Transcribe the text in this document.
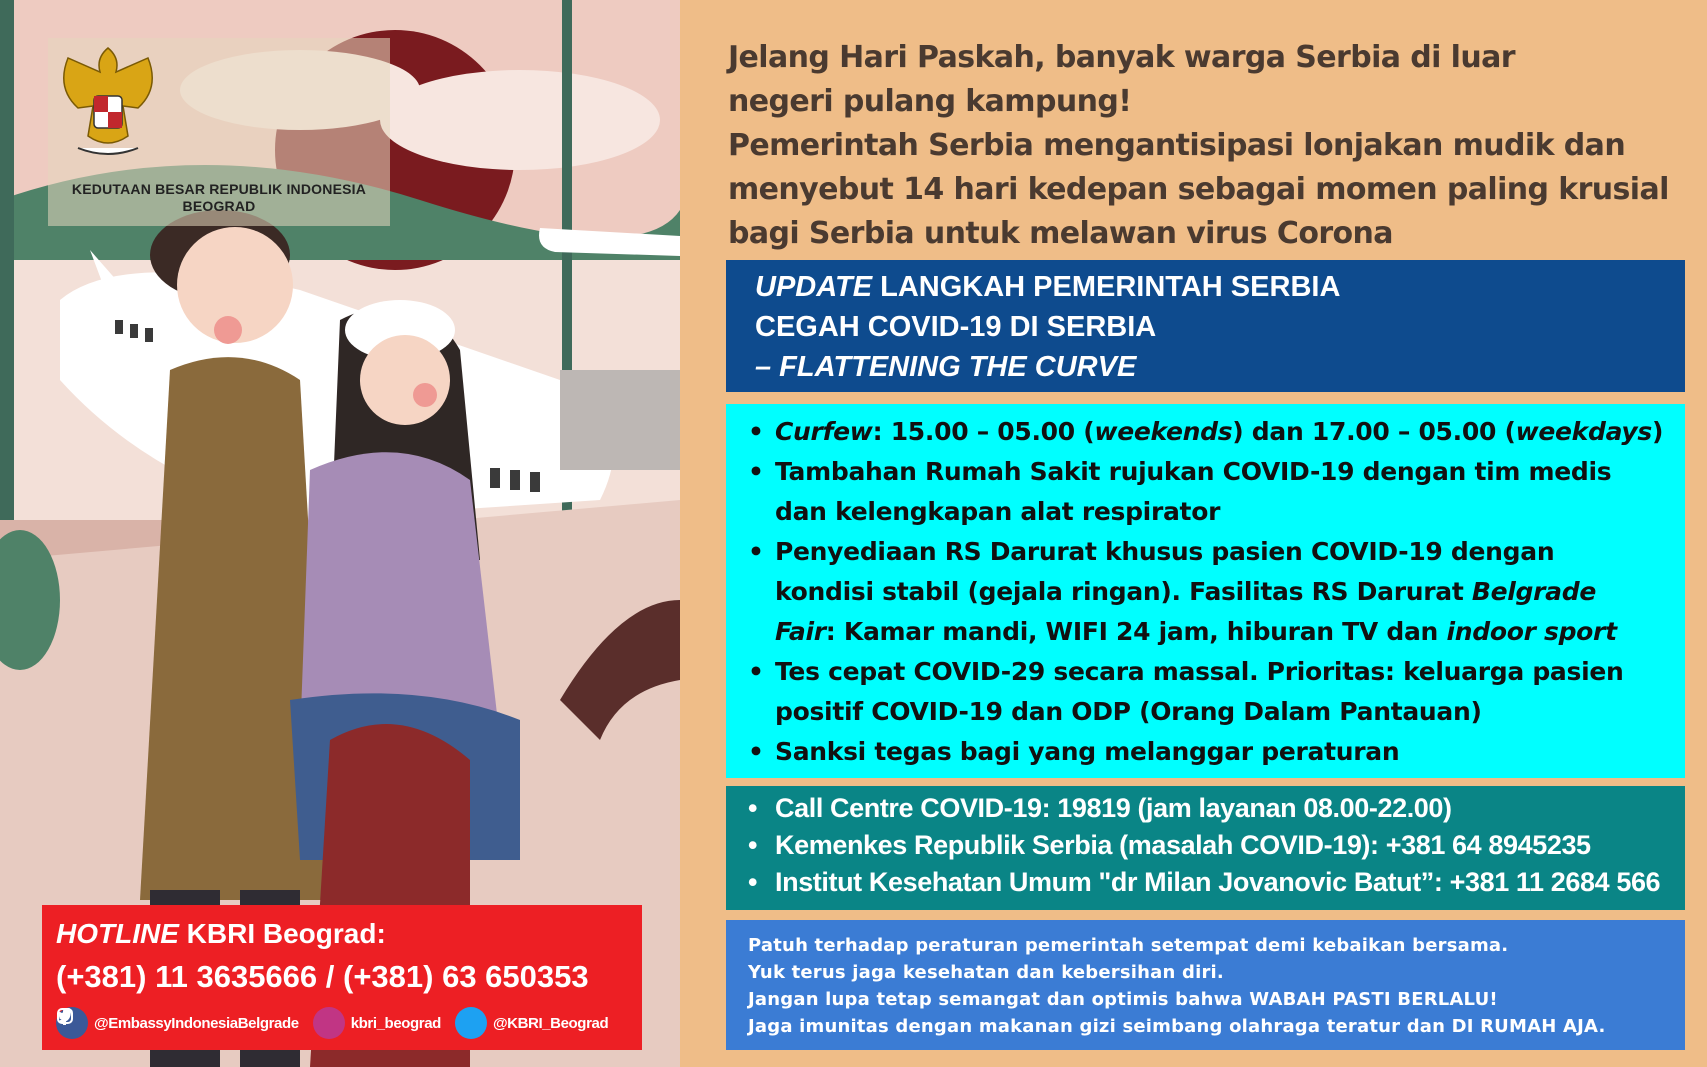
KEDUTAAN BESAR REPUBLIK INDONESIA
BEOGRAD
HOTLINE KBRI Beograd:
(+381) 11 3635666 / (+381) 63 650353
@EmbassyIndonesiaBelgrade	kbri_beograd	@KBRI_Beograd
Jelang Hari Paskah, banyak warga Serbia di luar
negeri pulang kampung!
Pemerintah Serbia mengantisipasi lonjakan mudik dan
menyebut 14 hari kedepan sebagai momen paling krusial
bagi Serbia untuk melawan virus Corona
UPDATE LANGKAH PEMERINTAH SERBIA
CEGAH COVID-19 DI SERBIA
– FLATTENING THE CURVE
• Curfew: 15.00 – 05.00 (weekends) dan 17.00 – 05.00 (weekdays)
• Tambahan Rumah Sakit rujukan COVID-19 dengan tim medis
dan kelengkapan alat respirator
• Penyediaan RS Darurat khusus pasien COVID-19 dengan
kondisi stabil (gejala ringan). Fasilitas RS Darurat Belgrade
Fair: Kamar mandi, WIFI 24 jam, hiburan TV dan indoor sport
• Tes cepat COVID-29 secara massal. Prioritas: keluarga pasien
positif COVID-19 dan ODP (Orang Dalam Pantauan)
• Sanksi tegas bagi yang melanggar peraturan
• Call Centre COVID-19: 19819 (jam layanan 08.00-22.00)
• Kemenkes Republik Serbia (masalah COVID-19): +381 64 8945235
• Institut Kesehatan Umum "dr Milan Jovanovic Batut”: +381 11 2684 566
Patuh terhadap peraturan pemerintah setempat demi kebaikan bersama.
Yuk terus jaga kesehatan dan kebersihan diri.
Jangan lupa tetap semangat dan optimis bahwa WABAH PASTI BERLALU!
Jaga imunitas dengan makanan gizi seimbang olahraga teratur dan DI RUMAH AJA.
